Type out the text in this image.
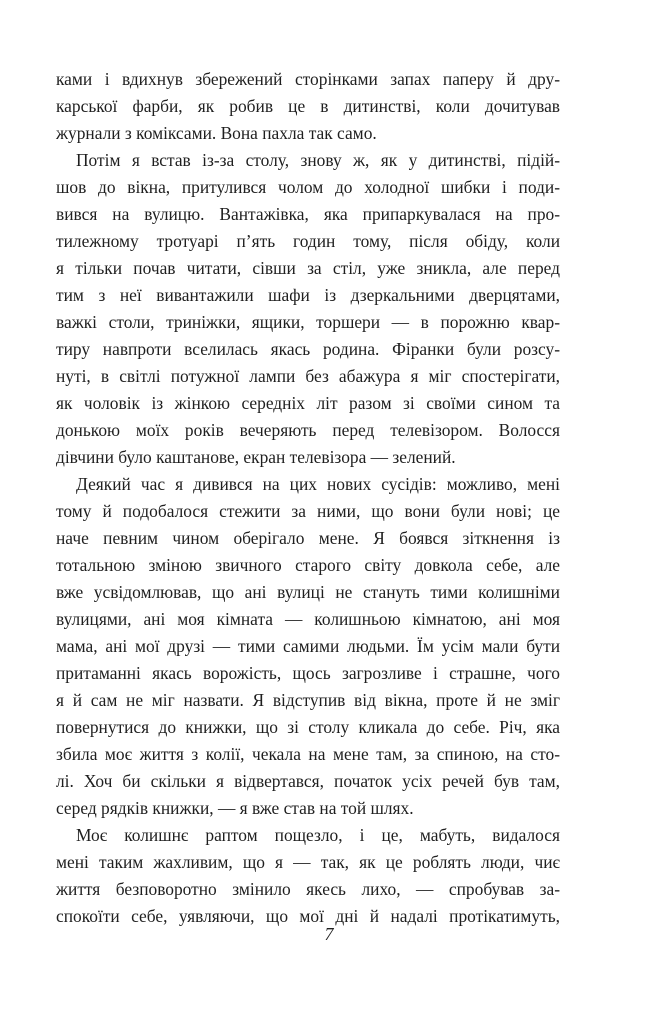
ками і вдихнув збережений сторінками запах паперу й дру-
карської фарби, як робив це в дитинстві, коли дочитував
журнали з коміксами. Вона пахла так само.
Потім я встав із-за столу, знову ж, як у дитинстві, підій-
шов до вікна, притулився чолом до холодної шибки і поди-
вився на вулицю. Вантажівка, яка припаркувалася на про-
тилежному тротуарі п’ять годин тому, після обіду, коли
я тільки почав читати, сівши за стіл, уже зникла, але перед
тим з неї вивантажили шафи із дзеркальними дверцятами,
важкі столи, триніжки, ящики, торшери — в порожню квар-
тиру навпроти вселилась якась родина. Фіранки були розсу-
нуті, в світлі потужної лампи без абажура я міг спостерігати,
як чоловік із жінкою середніх літ разом зі своїми сином та
донькою моїх років вечеряють перед телевізором. Волосся
дівчини було каштанове, екран телевізора — зелений.
Деякий час я дивився на цих нових сусідів: можливо, мені
тому й подобалося стежити за ними, що вони були нові; це
наче певним чином оберігало мене. Я боявся зіткнення із
тотальною зміною звичного старого світу довкола себе, але
вже усвідомлював, що ані вулиці не стануть тими колишніми
вулицями, ані моя кімната — колишньою кімнатою, ані моя
мама, ані мої друзі — тими самими людьми. Їм усім мали бути
притаманні якась ворожість, щось загрозливе і страшне, чого
я й сам не міг назвати. Я відступив від вікна, проте й не зміг
повернутися до книжки, що зі столу кликала до себе. Річ, яка
збила моє життя з колії, чекала на мене там, за спиною, на сто-
лі. Хоч би скільки я відвертався, початок усіх речей був там,
серед рядків книжки, — я вже став на той шлях.
Моє колишнє раптом пощезло, і це, мабуть, видалося
мені таким жахливим, що я — так, як це роблять люди, чиє
життя безповоротно змінило якесь лихо, — спробував за-
спокоїти себе, уявляючи, що мої дні й надалі протікатимуть,
7
